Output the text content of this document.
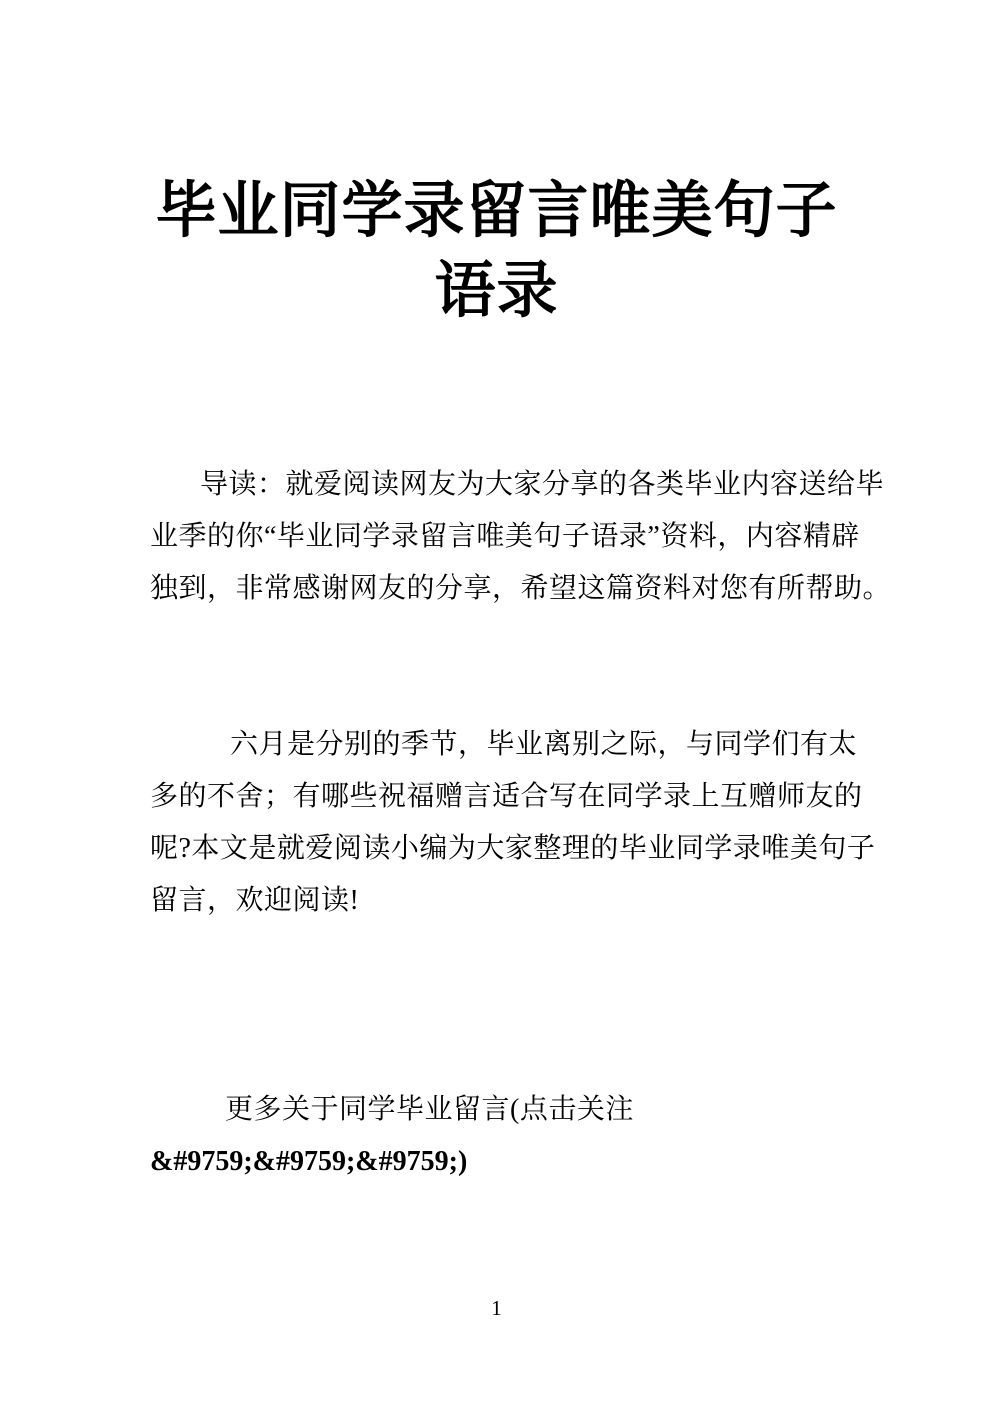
毕业同学录留言唯美句子
语录
导读：就爱阅读网友为大家分享的各类毕业内容送给毕
业季的你“毕业同学录留言唯美句子语录”资料，内容精辟
独到，非常感谢网友的分享，希望这篇资料对您有所帮助。
六月是分别的季节，毕业离别之际，与同学们有太
多的不舍；有哪些祝福赠言适合写在同学录上互赠师友的
呢?本文是就爱阅读小编为大家整理的毕业同学录唯美句子
留言，欢迎阅读!
更多关于同学毕业留言(点击关注
&#9759;&#9759;&#9759;)
1
